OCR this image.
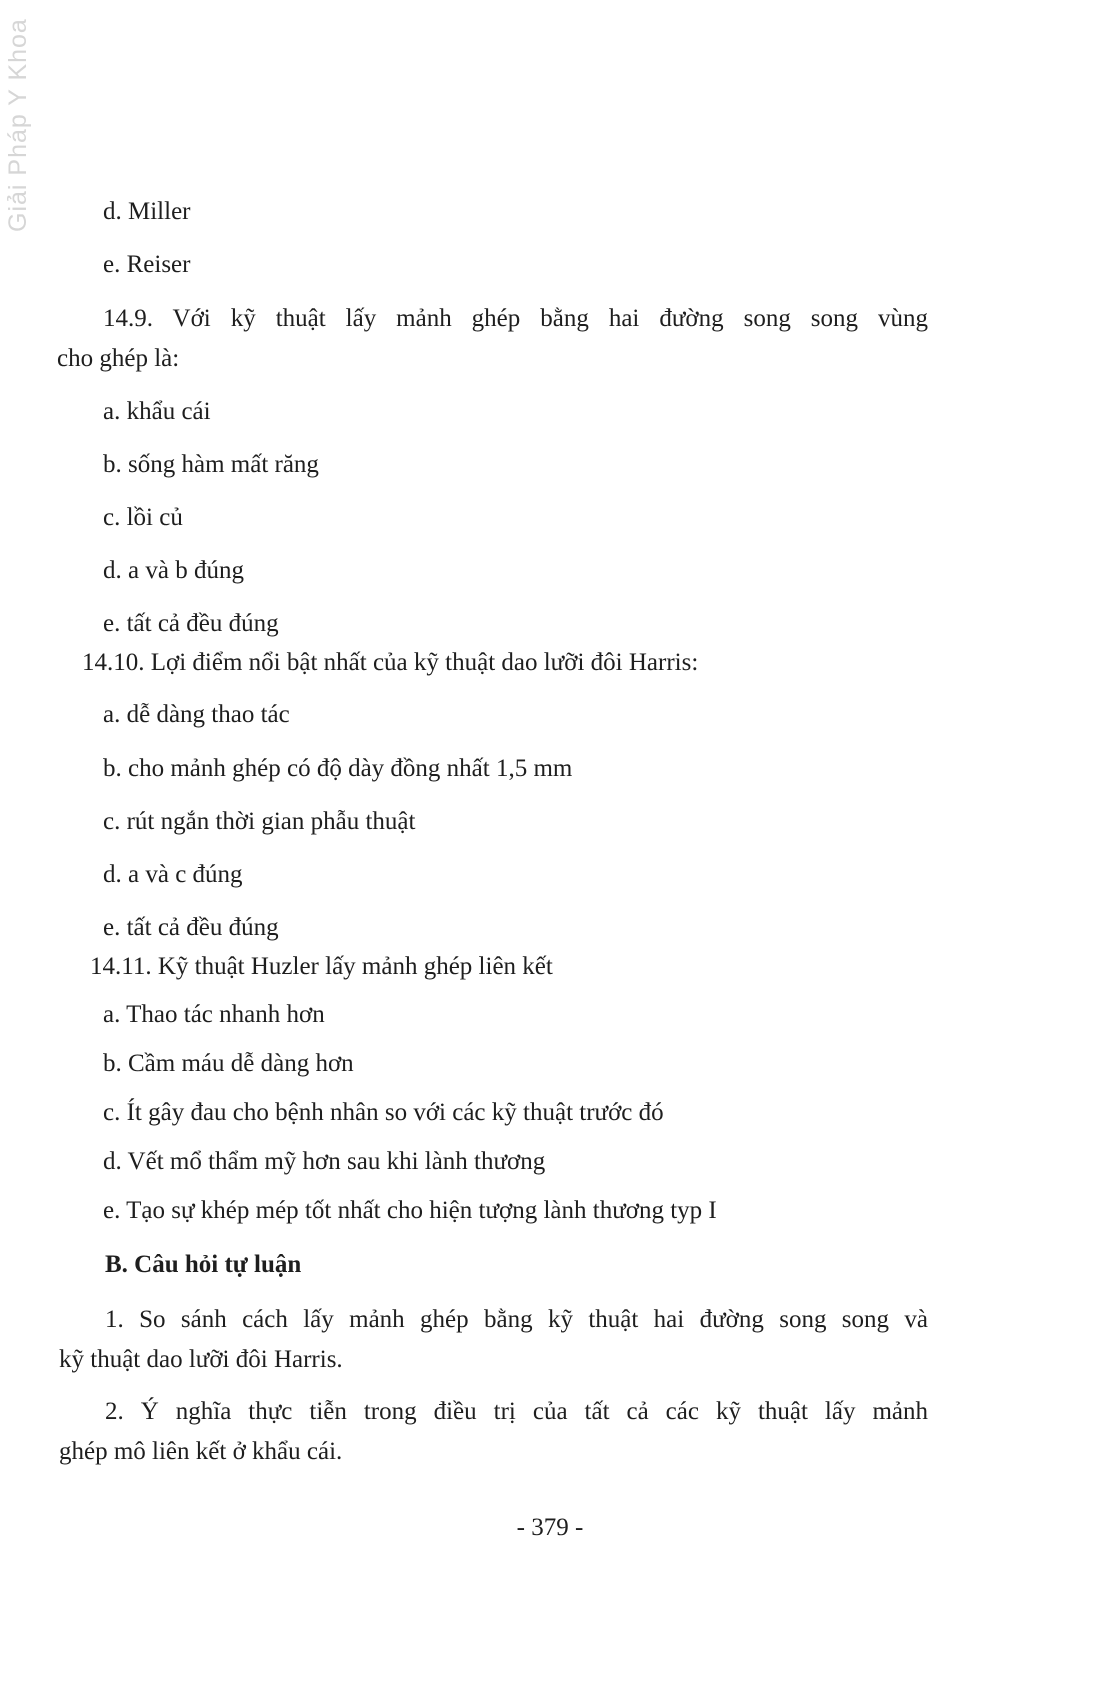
Giải Pháp Y Khoa	d. Miller

e. Reiser

14.9. Với kỹ thuật lấy mảnh ghép bằng hai đường song song vùng

cho ghép là:

a. khẩu cái

b. sống hàm mất răng

c. lồi củ

d. a và b đúng

e. tất cả đều đúng

14.10. Lợi điểm nổi bật nhất của kỹ thuật dao lưỡi đôi Harris:

a. dễ dàng thao tác

b. cho mảnh ghép có độ dày đồng nhất 1,5 mm

c. rút ngắn thời gian phẫu thuật

d. a và c đúng

e. tất cả đều đúng

14.11. Kỹ thuật Huzler lấy mảnh ghép liên kết

a. Thao tác nhanh hơn

b. Cầm máu dễ dàng hơn

c. Ít gây đau cho bệnh nhân so với các kỹ thuật trước đó

d. Vết mổ thẩm mỹ hơn sau khi lành thương

e. Tạo sự khép mép tốt nhất cho hiện tượng lành thương typ I

B. Câu hỏi tự luận

1. So sánh cách lấy mảnh ghép bằng kỹ thuật hai đường song song và

kỹ thuật dao lưỡi đôi Harris.

2. Ý nghĩa thực tiễn trong điều trị của tất cả các kỹ thuật lấy mảnh

ghép mô liên kết ở khẩu cái.

- 379 -
